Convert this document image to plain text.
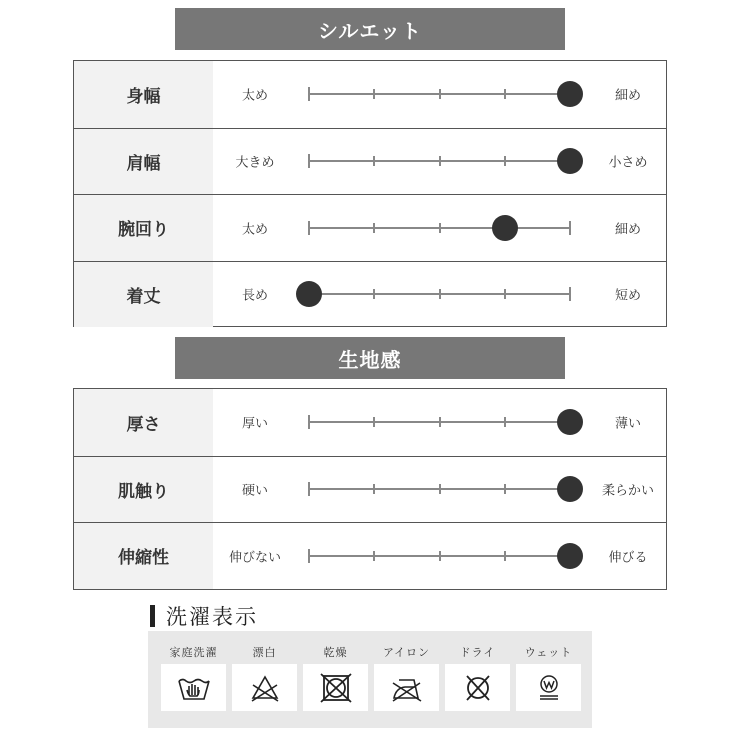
シルエット
身幅	太め	細め
肩幅	大きめ	小さめ
腕回り	太め	細め
着丈	長め	短め
生地感
厚さ	厚い	薄い
肌触り	硬い	柔らかい
伸縮性	伸びない	伸びる
洗濯表示
家庭洗濯	漂白	乾燥	アイロン	ドライ	ウェット
